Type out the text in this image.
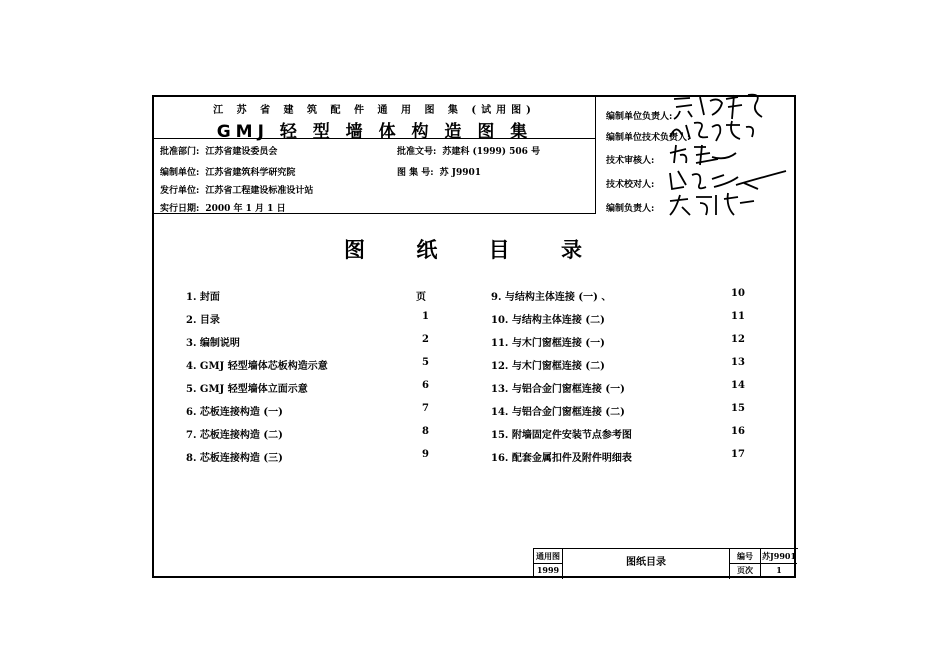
江 苏 省 建 筑 配 件 通 用 图 集 (试用图)
GMJ 轻 型 墙 体 构 造 图 集
批准部门: 江苏省建设委员会	批准文号: 苏建科 (1999) 506 号
编制单位: 江苏省建筑科学研究院	图 集 号: 苏 J9901
发行单位: 江苏省工程建设标准设计站
实行日期: 2000 年 1 月 1 日
编制单位负责人:
编制单位技术负责人:
技术审核人:
技术校对人:
编制负责人:
图 纸 目 录
页
1. 封面
2. 目录	1
3. 编制说明	2
4. GMJ 轻型墙体芯板构造示意	5
5. GMJ 轻型墙体立面示意	6
6. 芯板连接构造 (一)	7
7. 芯板连接构造 (二)	8
8. 芯板连接构造 (三)	9
9. 与结构主体连接 (一) 、	10
10. 与结构主体连接 (二)	11
11. 与木门窗框连接 (一)	12
12. 与木门窗框连接 (二)	13
13. 与铝合金门窗框连接 (一)	14
14. 与铝合金门窗框连接 (二)	15
15. 附墙固定件安装节点参考图	16
16. 配套金属扣件及附件明细表	17
通用图
1999
图纸目录
编号	苏J9901
页次	1
